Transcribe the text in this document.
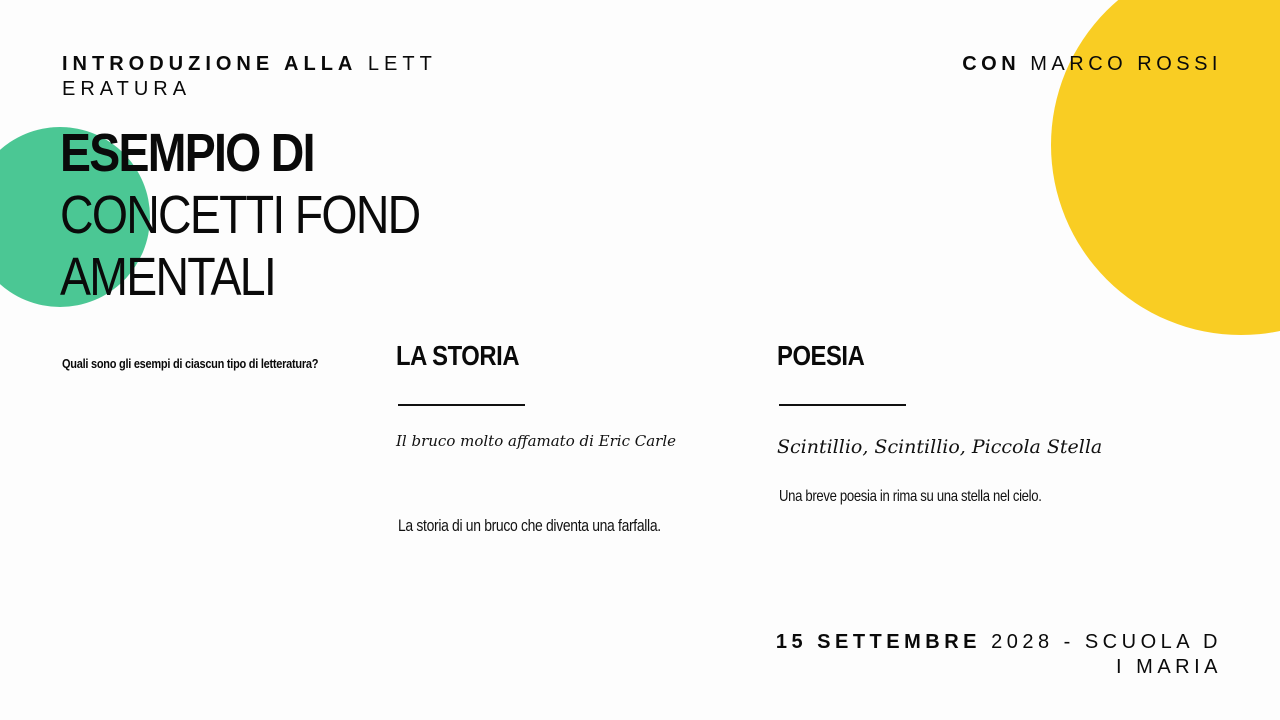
INTRODUZIONE ALLA LETTERATURA
CON MARCO ROSSI
ESEMPIO DI
CONCETTI FONDAMENTALI
Quali sono gli esempi di ciascun tipo di letteratura?	LA STORIA
Il bruco molto affamato di Eric Carle
La storia di un bruco che diventa una farfalla.
POESIA
Scintillio, Scintillio, Piccola Stella
Una breve poesia in rima su una stella nel cielo.
15 SETTEMBRE 2028 - SCUOLA DI MARIA
